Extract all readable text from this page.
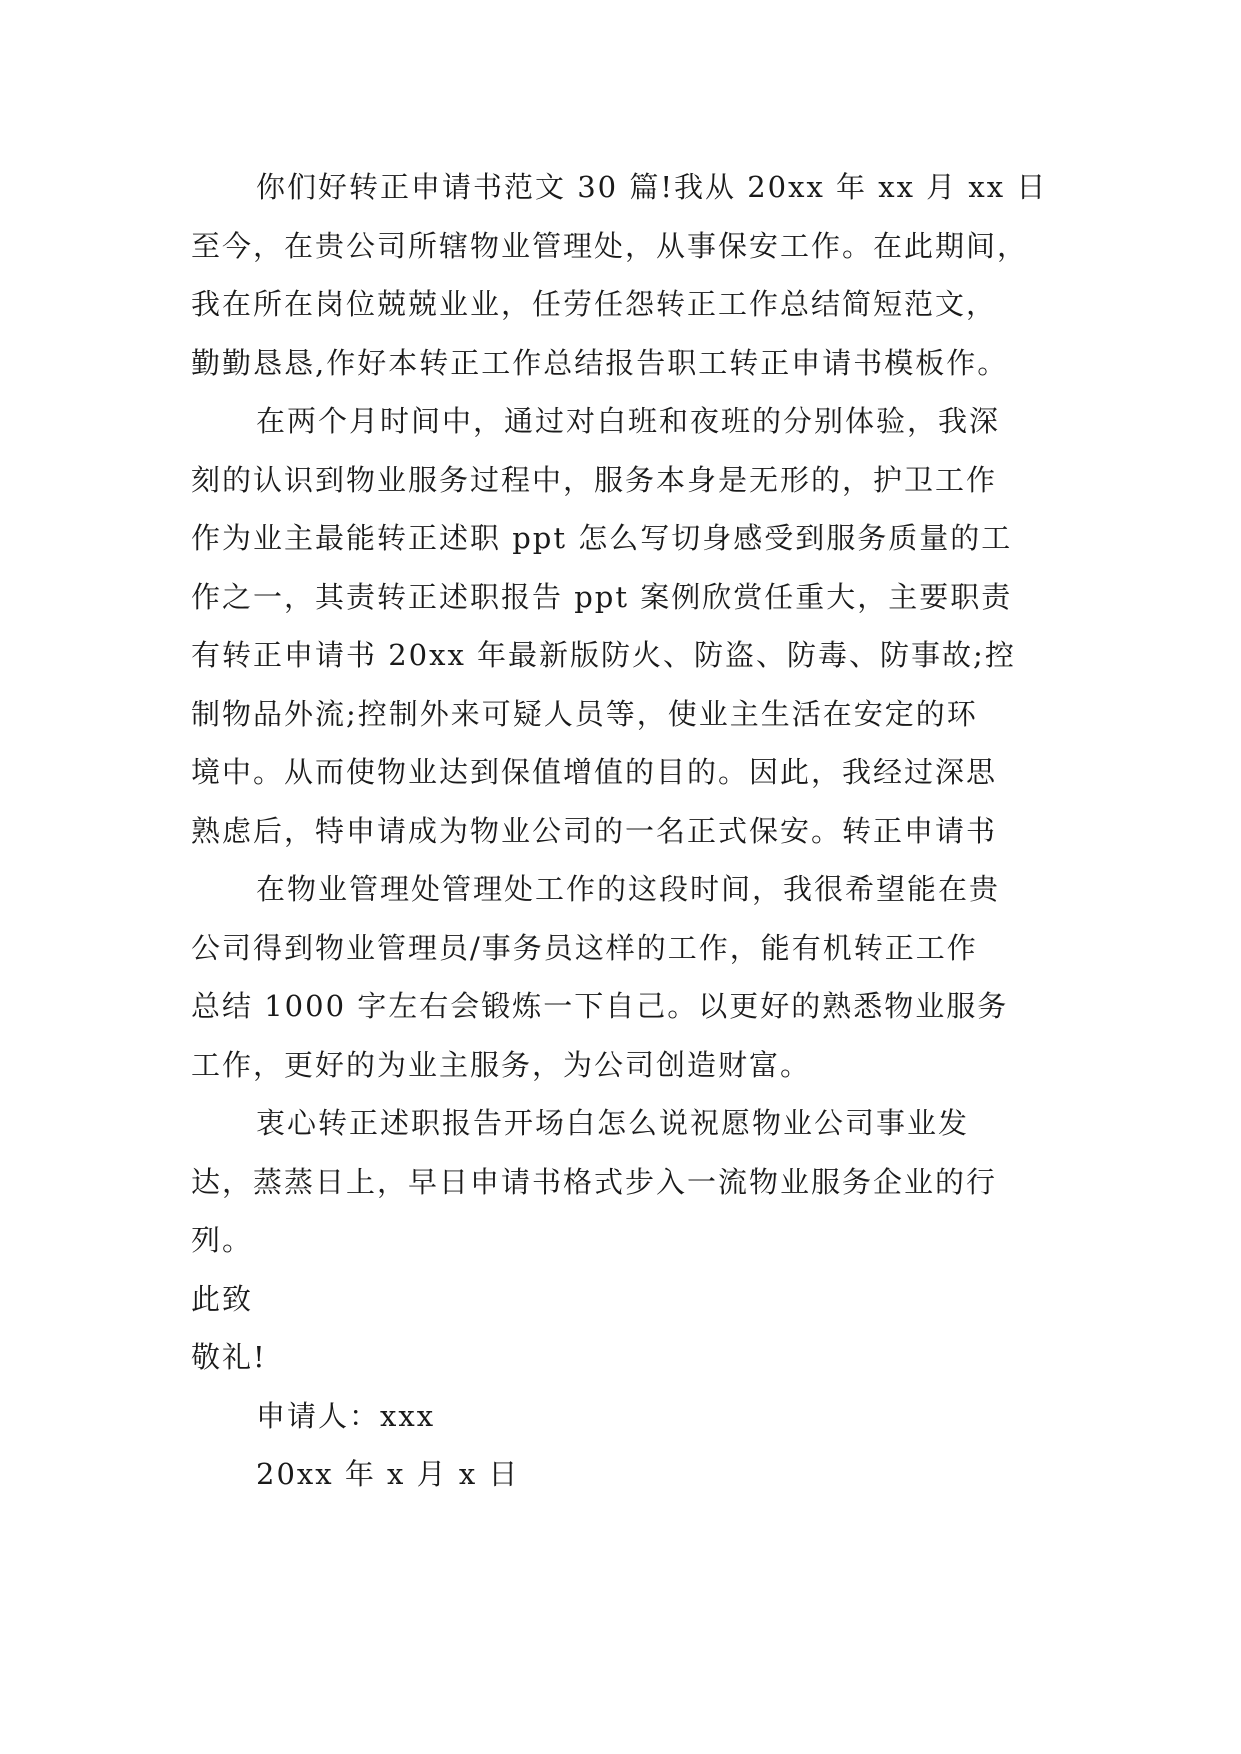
你们好转正申请书范文 30 篇!我从 20xx 年 xx 月 xx 日
至今，在贵公司所辖物业管理处，从事保安工作。在此期间，
我在所在岗位兢兢业业，任劳任怨转正工作总结简短范文，
勤勤恳恳,作好本转正工作总结报告职工转正申请书模板作。
在两个月时间中，通过对白班和夜班的分别体验，我深
刻的认识到物业服务过程中，服务本身是无形的，护卫工作
作为业主最能转正述职 ppt 怎么写切身感受到服务质量的工
作之一，其责转正述职报告 ppt 案例欣赏任重大，主要职责
有转正申请书 20xx 年最新版防火、防盗、防毒、防事故;控
制物品外流;控制外来可疑人员等，使业主生活在安定的环
境中。从而使物业达到保值增值的目的。因此，我经过深思
熟虑后，特申请成为物业公司的一名正式保安。转正申请书
在物业管理处管理处工作的这段时间，我很希望能在贵
公司得到物业管理员/事务员这样的工作，能有机转正工作
总结 1000 字左右会锻炼一下自己。以更好的熟悉物业服务
工作，更好的为业主服务，为公司创造财富。
衷心转正述职报告开场白怎么说祝愿物业公司事业发
达，蒸蒸日上，早日申请书格式步入一流物业服务企业的行
列。
此致
敬礼!
申请人：xxx
20xx 年 x 月 x 日
